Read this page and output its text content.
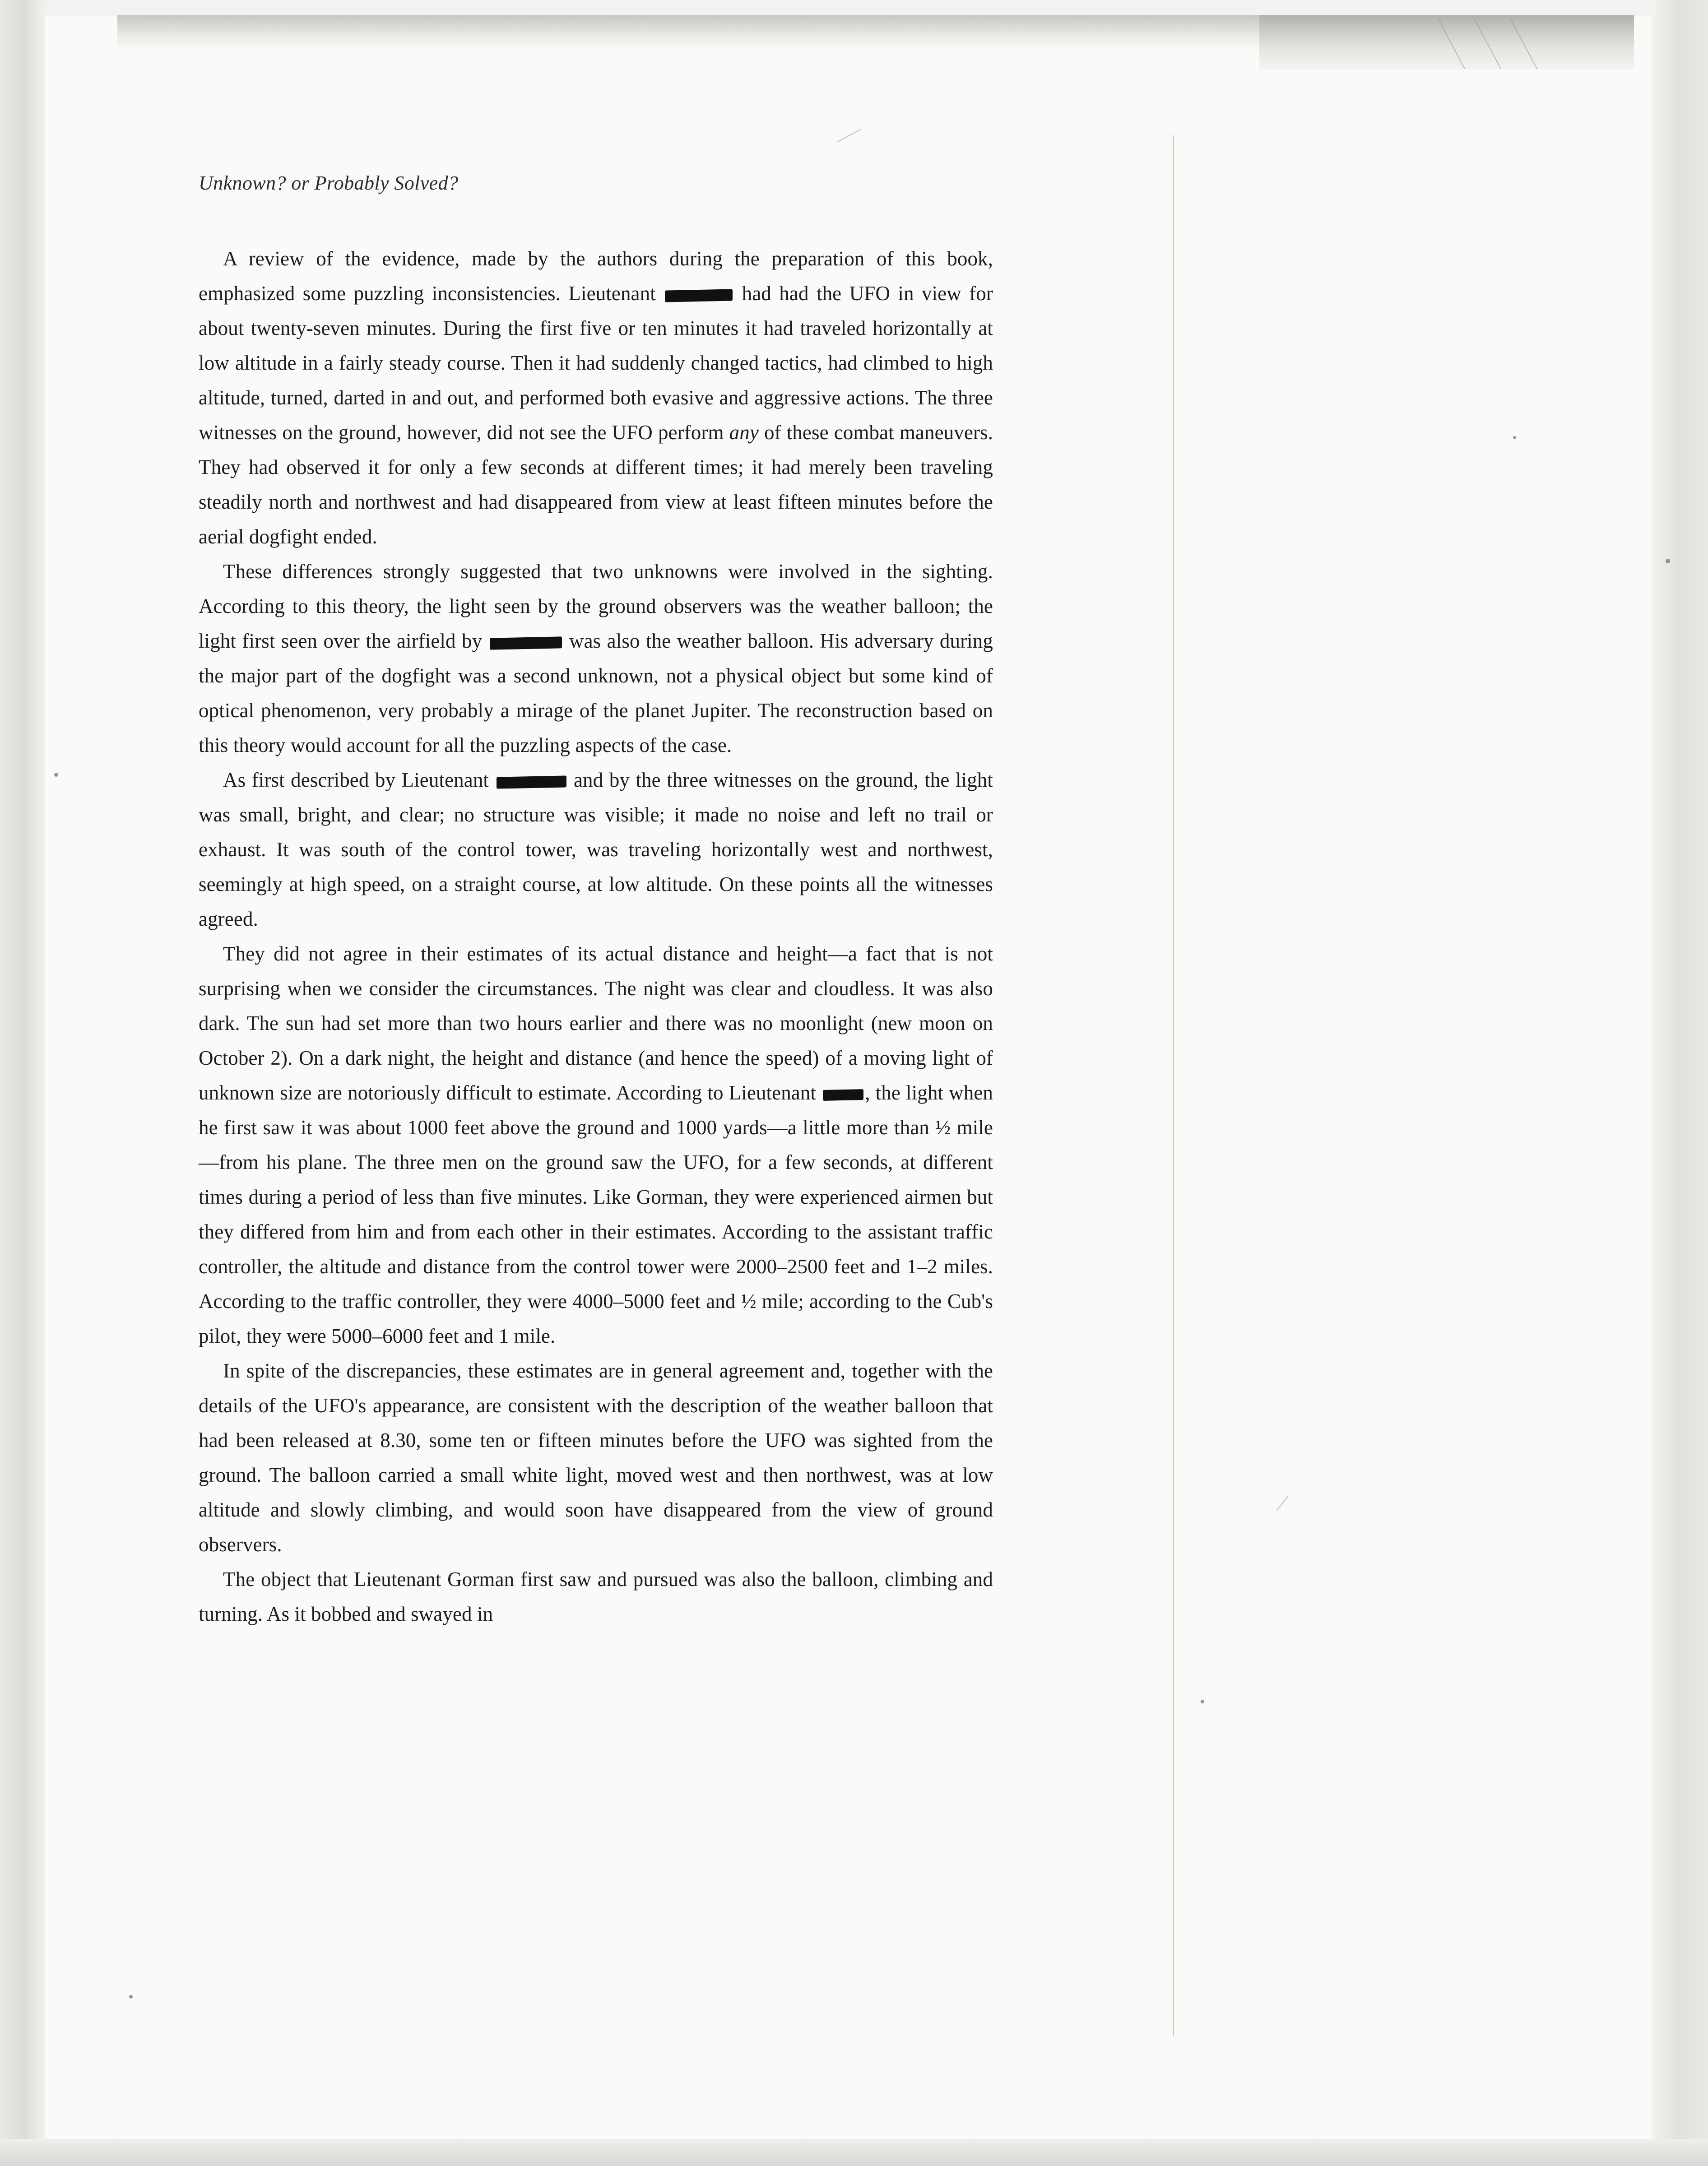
Unknown? or Probably Solved?

A review of the evidence, made by the authors during the preparation of this book, emphasized some puzzling inconsistencies. Lieutenant	had had the UFO in view for about twenty-seven minutes. During the first five or ten minutes it had traveled horizontally at low altitude in a fairly steady course. Then it had suddenly changed tactics, had climbed to high altitude, turned, darted in and out, and performed both evasive and aggressive actions. The three witnesses on the ground, however, did not see the UFO perform any of these combat maneuvers. They had observed it for only a few seconds at different times; it had merely been traveling steadily north and northwest and had disappeared from view at least fifteen minutes before the aerial dogfight ended.

These differences strongly suggested that two unknowns were involved in the sighting. According to this theory, the light seen by the ground observers was the weather balloon; the light first seen over the airfield by	was also the weather balloon. His adversary during the major part of the dogfight was a second unknown, not a physical object but some kind of optical phenomenon, very probably a mirage of the planet Jupiter. The reconstruction based on this theory would account for all the puzzling aspects of the case.

As first described by Lieutenant	and by the three witnesses on the ground, the light was small, bright, and clear; no structure was visible; it made no noise and left no trail or exhaust. It was south of the control tower, was traveling horizontally west and northwest, seemingly at high speed, on a straight course, at low altitude. On these points all the witnesses agreed.

They did not agree in their estimates of its actual distance and height—a fact that is not surprising when we consider the circumstances. The night was clear and cloudless. It was also dark. The sun had set more than two hours earlier and there was no moonlight (new moon on October 2). On a dark night, the height and distance (and hence the speed) of a moving light of unknown size are notoriously difficult to estimate. According to Lieutenant , the light when he first saw it was about 1000 feet above the ground and 1000 yards—a little more than ½ mile—from his plane. The three men on the ground saw the UFO, for a few seconds, at different times during a period of less than five minutes. Like Gorman, they were experienced airmen but they differed from him and from each other in their estimates. According to the assistant traffic controller, the altitude and distance from the control tower were 2000–2500 feet and 1–2 miles. According to the traffic controller, they were 4000–5000 feet and ½ mile; according to the Cub's pilot, they were 5000–6000 feet and 1 mile.

In spite of the discrepancies, these estimates are in general agreement and, together with the details of the UFO's appearance, are consistent with the description of the weather balloon that had been released at 8.30, some ten or fifteen minutes before the UFO was sighted from the ground. The balloon carried a small white light, moved west and then northwest, was at low altitude and slowly climbing, and would soon have disappeared from the view of ground observers.

The object that Lieutenant Gorman first saw and pursued was also the balloon, climbing and turning. As it bobbed and swayed in
